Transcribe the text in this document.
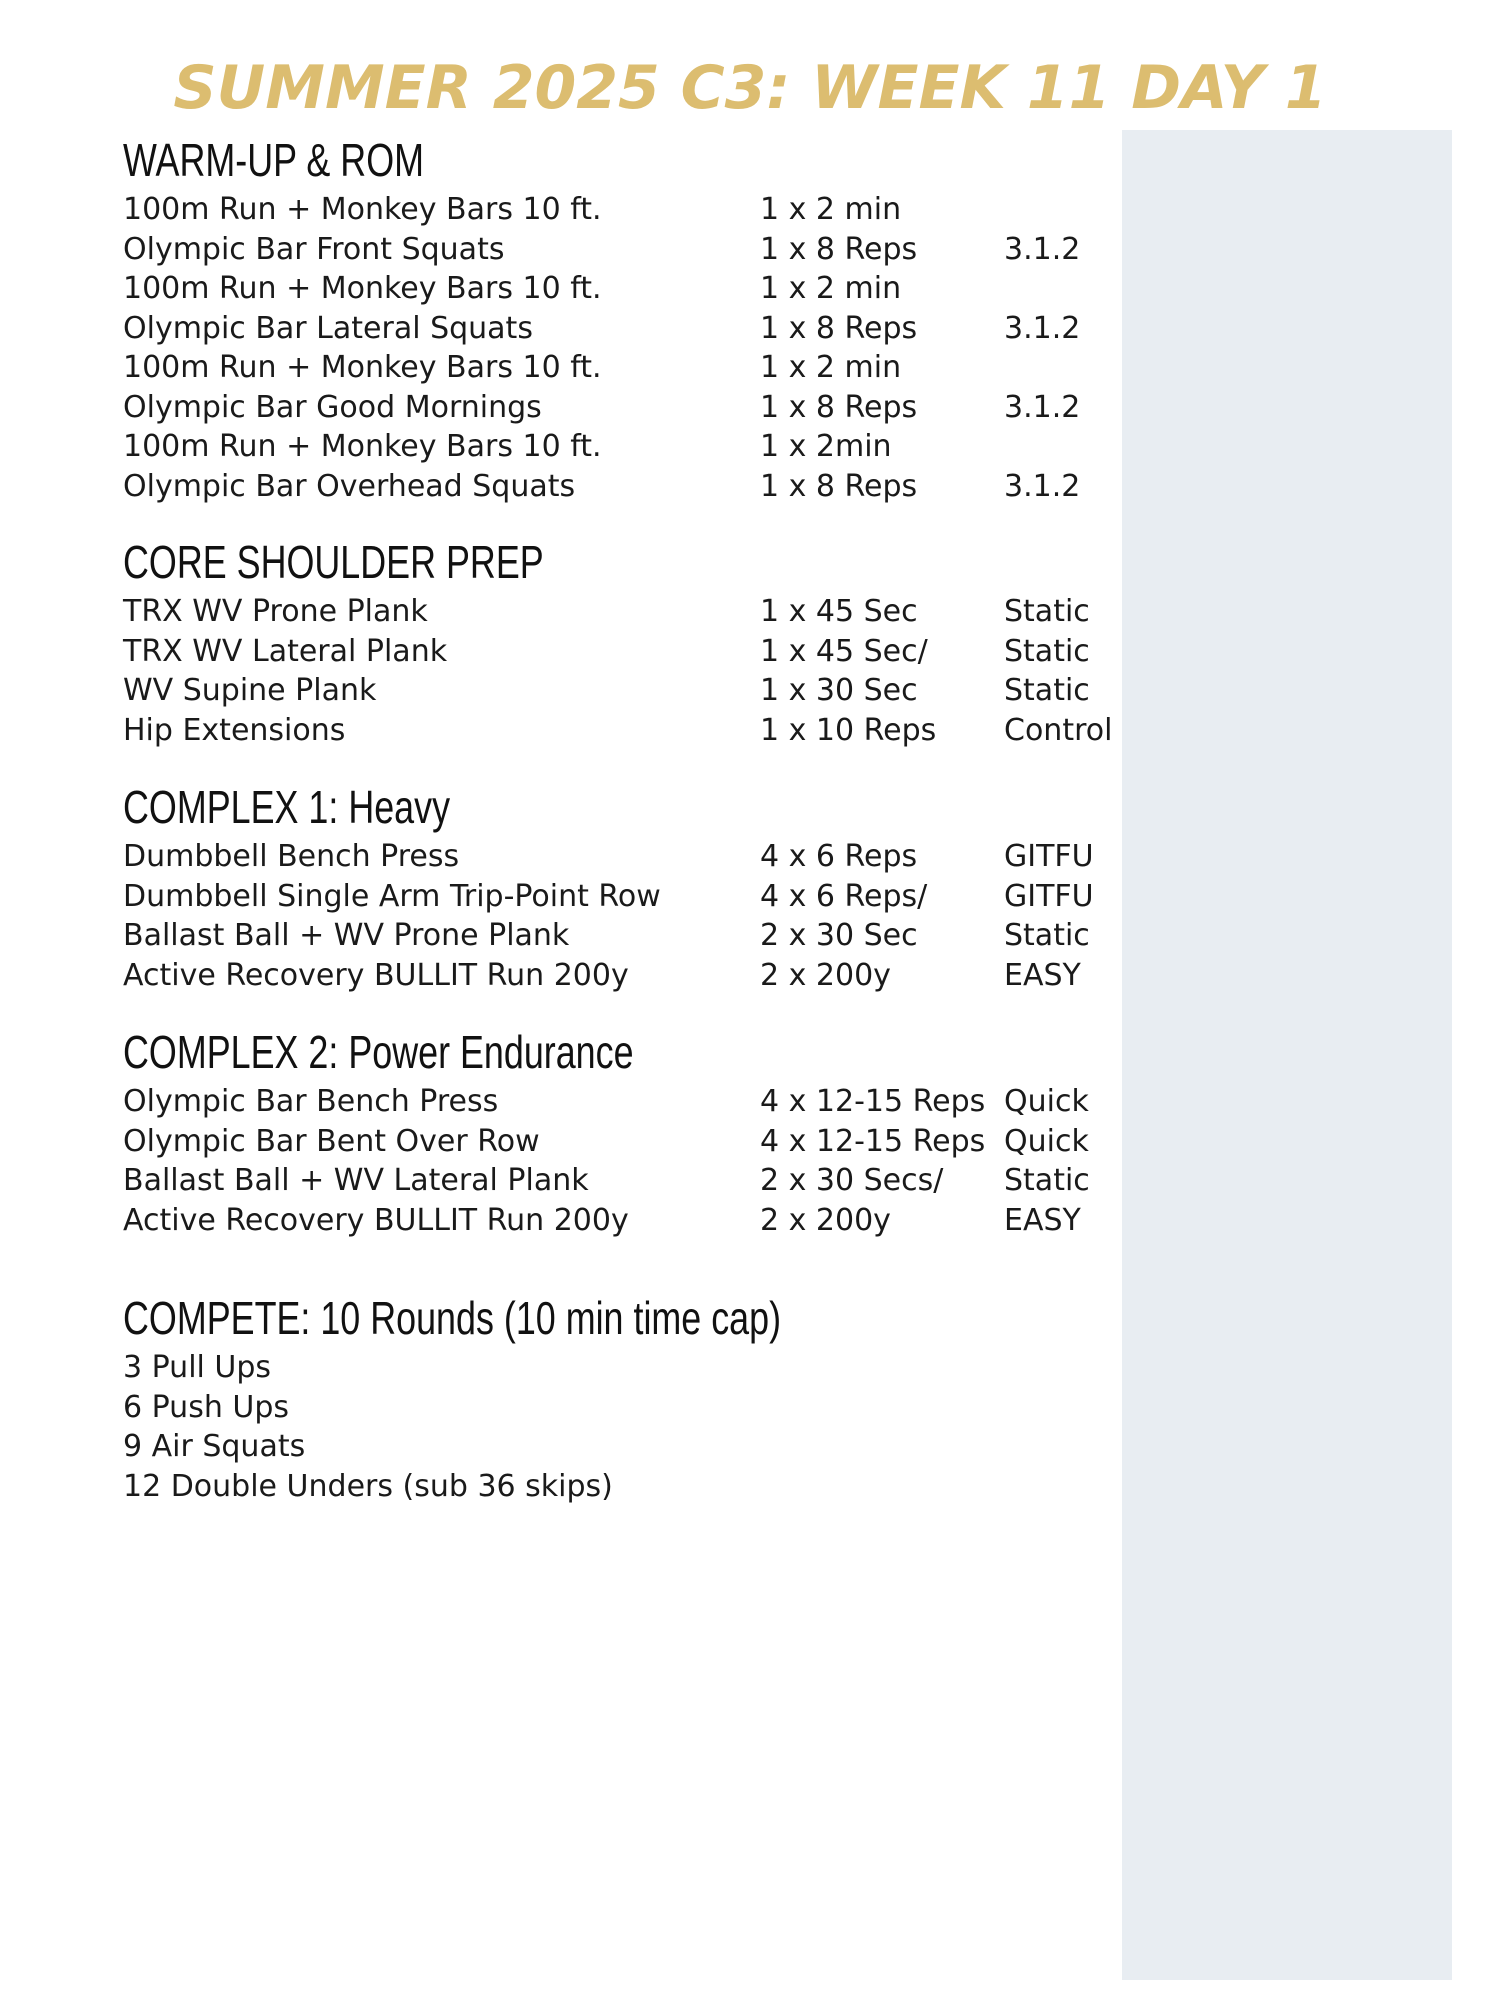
SUMMER 2025 C3: WEEK 11 DAY 1
WARM-UP & ROM
100m Run + Monkey Bars 10 ft.	1 x 2 min
Olympic Bar Front Squats	1 x 8 Reps	3.1.2
100m Run + Monkey Bars 10 ft.	1 x 2 min
Olympic Bar Lateral Squats	1 x 8 Reps	3.1.2
100m Run + Monkey Bars 10 ft.	1 x 2 min
Olympic Bar Good Mornings	1 x 8 Reps	3.1.2
100m Run + Monkey Bars 10 ft.	1 x 2min
Olympic Bar Overhead Squats	1 x 8 Reps	3.1.2
CORE SHOULDER PREP
TRX WV Prone Plank	1 x 45 Sec	Static
TRX WV Lateral Plank	1 x 45 Sec/	Static
WV Supine Plank	1 x 30 Sec	Static
Hip Extensions	1 x 10 Reps Control
COMPLEX 1: Heavy
Dumbbell Bench Press	4 x 6 Reps	GITFU
Dumbbell Single Arm Trip-Point Row	4 x 6 Reps/	GITFU
Ballast Ball + WV Prone Plank	2 x 30 Sec	Static
Active Recovery BULLIT Run 200y	2 x 200y	EASY
COMPLEX 2: Power Endurance
Olympic Bar Bench Press	4 x 12-15 Reps Quick
Olympic Bar Bent Over Row	4 x 12-15 Reps Quick
Ballast Ball + WV Lateral Plank	2 x 30 Secs/ Static
Active Recovery BULLIT Run 200y	2 x 200y	EASY
COMPETE: 10 Rounds (10 min time cap)
3 Pull Ups
6 Push Ups
9 Air Squats
12 Double Unders (sub 36 skips)
